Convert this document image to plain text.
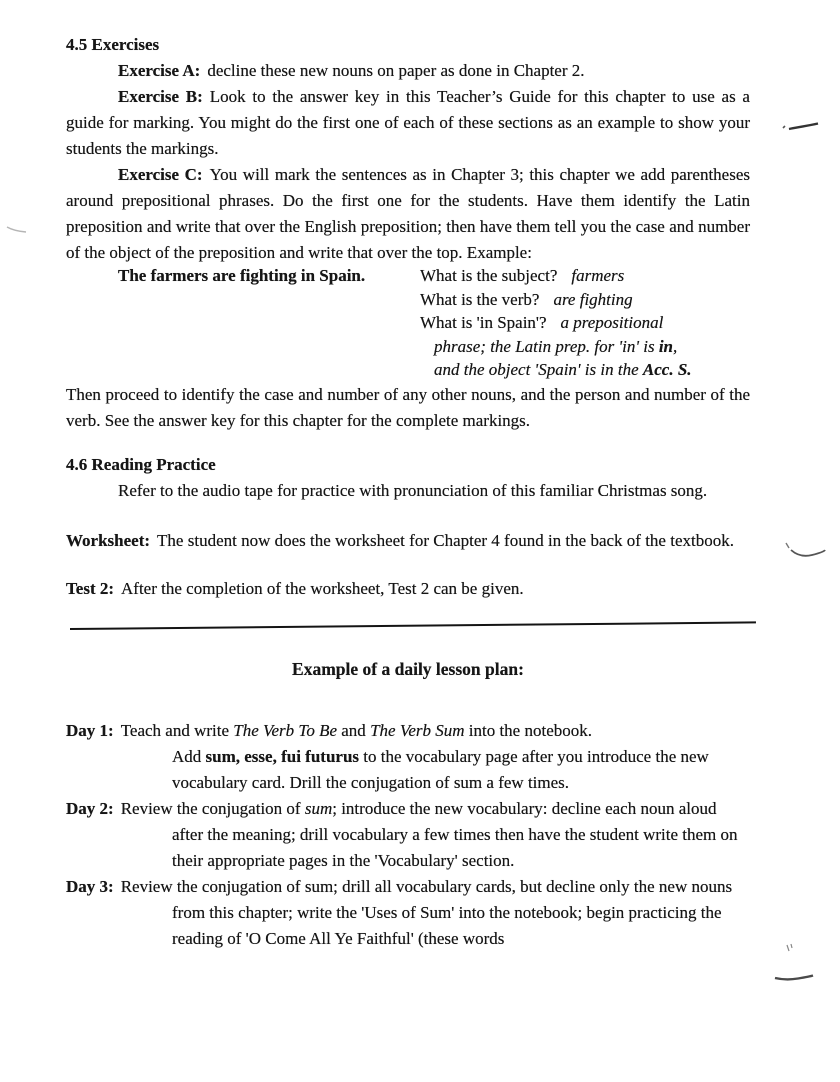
4.5 Exercises

Exercise A: decline these new nouns on paper as done in Chapter 2.

Exercise B: Look to the answer key in this Teacher’s Guide for this chapter to use as a guide for marking. You might do the first one of each of these sections as an example to show your students the markings.

Exercise C: You will mark the sentences as in Chapter 3; this chapter we add parentheses around prepositional phrases. Do the first one for the students. Have them identify the Latin preposition and write that over the English preposition; then have them tell you the case and number of the object of the preposition and write that over the top. Example:

The farmers are fighting in Spain.	What is the subject? farmers
What is the verb? are fighting
What is 'in Spain'? a prepositional
phrase; the Latin prep. for 'in' is in,
and the object 'Spain' is in the Acc. S.

Then proceed to identify the case and number of any other nouns, and the person and number of the verb. See the answer key for this chapter for the complete markings.

4.6 Reading Practice

Refer to the audio tape for practice with pronunciation of this familiar Christmas song.

Worksheet: The student now does the worksheet for Chapter 4 found in the back of the textbook.

Test 2: After the completion of the worksheet, Test 2 can be given.

Example of a daily lesson plan:

Day 1: Teach and write The Verb To Be and The Verb Sum into the notebook.
Add sum, esse, fui futurus to the vocabulary page after you introduce the new vocabulary card. Drill the conjugation of sum a few times.

Day 2: Review the conjugation of sum; introduce the new vocabulary: decline each noun aloud after the meaning; drill vocabulary a few times then have the student write them on their appropriate pages in the 'Vocabulary' section.

Day 3: Review the conjugation of sum; drill all vocabulary cards, but decline only the new nouns from this chapter; write the 'Uses of Sum' into the notebook; begin practicing the reading of 'O Come All Ye Faithful' (these words
